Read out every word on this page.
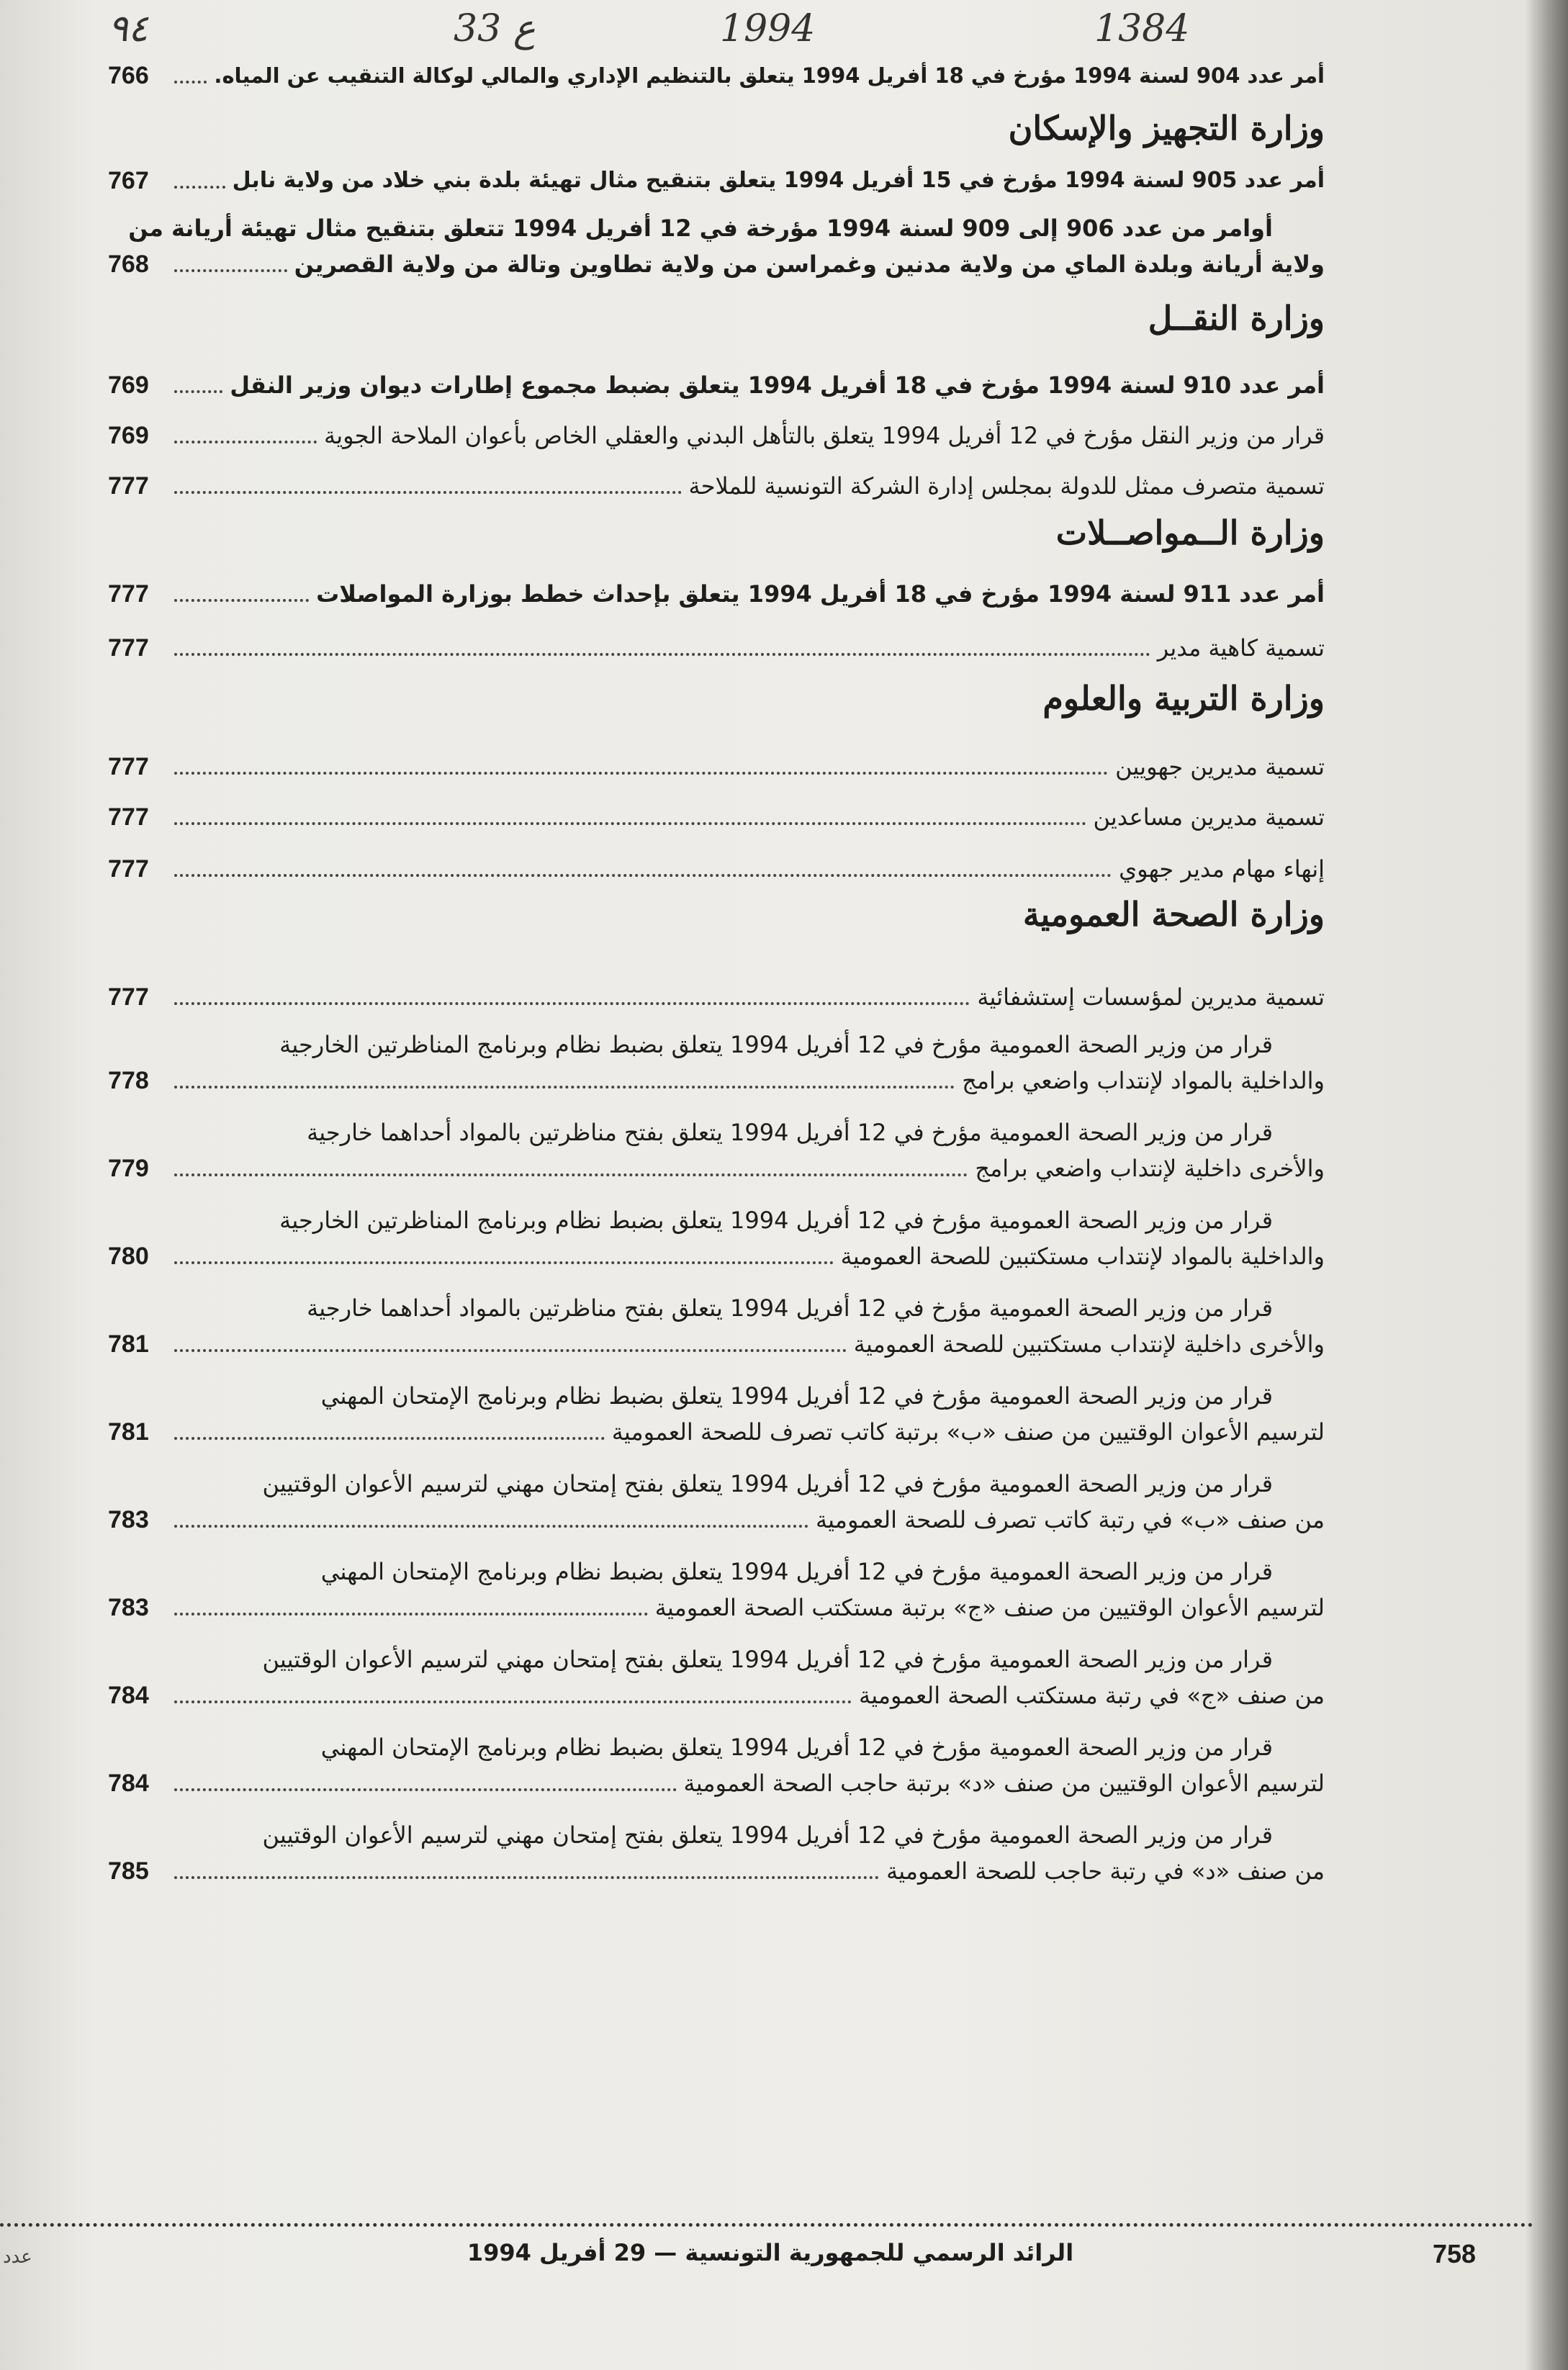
٩٤	33 ع	1994	1384
أمر عدد 904 لسنة 1994 مؤرخ في 18 أفريل 1994 يتعلق بالتنظيم الإداري والمالي لوكالة التنقيب عن المياه.
766
وزارة التجهيز والإسكان
أمر عدد 905 لسنة 1994 مؤرخ في 15 أفريل 1994 يتعلق بتنقيح مثال تهيئة بلدة بني خلاد من ولاية نابل
767
أوامر من عدد 906 إلى 909 لسنة 1994 مؤرخة في 12 أفريل 1994 تتعلق بتنقيح مثال تهيئة أريانة من
ولاية أريانة وبلدة الماي من ولاية مدنين وغمراسن من ولاية تطاوين وتالة من ولاية القصرين
768
وزارة النقــل
أمر عدد 910 لسنة 1994 مؤرخ في 18 أفريل 1994 يتعلق بضبط مجموع إطارات ديوان وزير النقل
769
قرار من وزير النقل مؤرخ في 12 أفريل 1994 يتعلق بالتأهل البدني والعقلي الخاص بأعوان الملاحة الجوية
769
تسمية متصرف ممثل للدولة بمجلس إدارة الشركة التونسية للملاحة
777
وزارة الــمواصــلات
أمر عدد 911 لسنة 1994 مؤرخ في 18 أفريل 1994 يتعلق بإحداث خطط بوزارة المواصلات
777
تسمية كاهية مدير
777
وزارة التربية والعلوم
تسمية مديرين جهويين
777
تسمية مديرين مساعدين
777
إنهاء مهام مدير جهوي
777
وزارة الصحة العمومية
تسمية مديرين لمؤسسات إستشفائية
777
قرار من وزير الصحة العمومية مؤرخ في 12 أفريل 1994 يتعلق بضبط نظام وبرنامج المناظرتين الخارجية
والداخلية بالمواد لإنتداب واضعي برامج
778
قرار من وزير الصحة العمومية مؤرخ في 12 أفريل 1994 يتعلق بفتح مناظرتين بالمواد أحداهما خارجية
والأخرى داخلية لإنتداب واضعي برامج
779
قرار من وزير الصحة العمومية مؤرخ في 12 أفريل 1994 يتعلق بضبط نظام وبرنامج المناظرتين الخارجية
والداخلية بالمواد لإنتداب مستكتبين للصحة العمومية
780
قرار من وزير الصحة العمومية مؤرخ في 12 أفريل 1994 يتعلق بفتح مناظرتين بالمواد أحداهما خارجية
والأخرى داخلية لإنتداب مستكتبين للصحة العمومية
781
قرار من وزير الصحة العمومية مؤرخ في 12 أفريل 1994 يتعلق بضبط نظام وبرنامج الإمتحان المهني
لترسيم الأعوان الوقتيين من صنف «ب» برتبة كاتب تصرف للصحة العمومية
781
قرار من وزير الصحة العمومية مؤرخ في 12 أفريل 1994 يتعلق بفتح إمتحان مهني لترسيم الأعوان الوقتيين
من صنف «ب» في رتبة كاتب تصرف للصحة العمومية
783
قرار من وزير الصحة العمومية مؤرخ في 12 أفريل 1994 يتعلق بضبط نظام وبرنامج الإمتحان المهني
لترسيم الأعوان الوقتيين من صنف «ج» برتبة مستكتب الصحة العمومية
783
قرار من وزير الصحة العمومية مؤرخ في 12 أفريل 1994 يتعلق بفتح إمتحان مهني لترسيم الأعوان الوقتيين
من صنف «ج» في رتبة مستكتب الصحة العمومية
784
قرار من وزير الصحة العمومية مؤرخ في 12 أفريل 1994 يتعلق بضبط نظام وبرنامج الإمتحان المهني
لترسيم الأعوان الوقتيين من صنف «د» برتبة حاجب الصحة العمومية
784
قرار من وزير الصحة العمومية مؤرخ في 12 أفريل 1994 يتعلق بفتح إمتحان مهني لترسيم الأعوان الوقتيين
من صنف «د» في رتبة حاجب للصحة العمومية
785
عدد	الرائد الرسمي للجمهورية التونسية — 29 أفريل 1994	758
